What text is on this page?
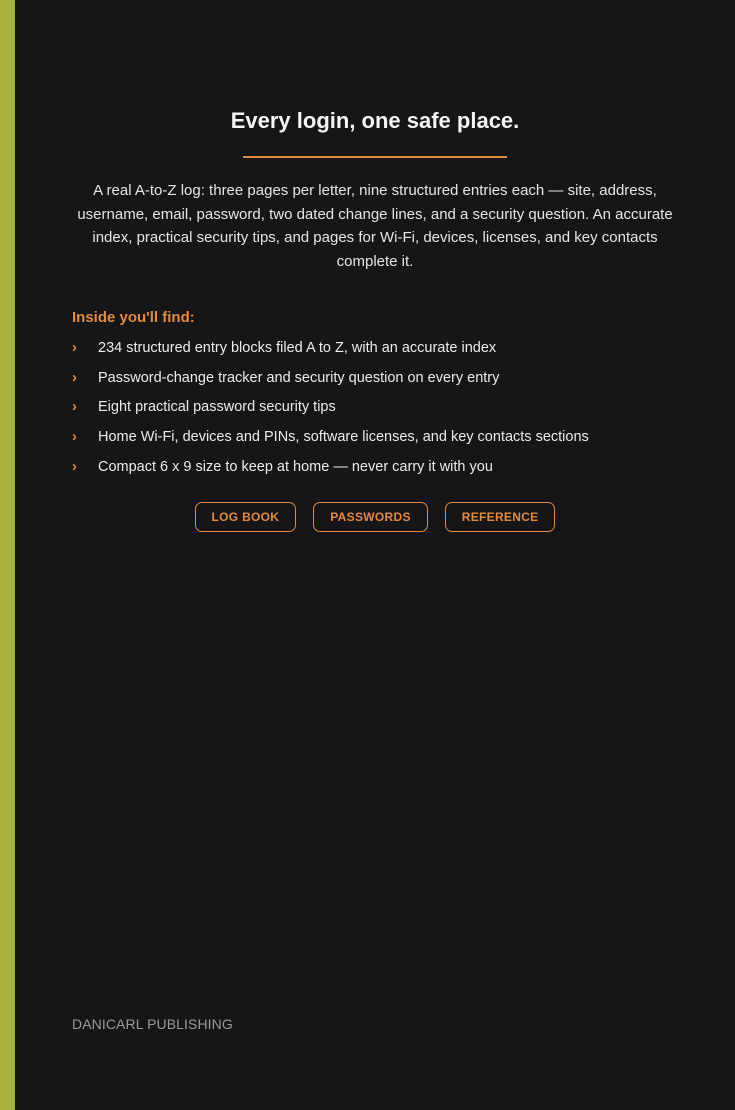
Every login, one safe place.

A real A-to-Z log: three pages per letter, nine structured entries each — site, address, username, email, password, two dated change lines, and a security question. An accurate index, practical security tips, and pages for Wi-Fi, devices, licenses, and key contacts complete it.

Inside you'll find:
› 234 structured entry blocks filed A to Z, with an accurate index
› Password-change tracker and security question on every entry
› Eight practical password security tips
› Home Wi-Fi, devices and PINs, software licenses, and key contacts sections
› Compact 6 x 9 size to keep at home — never carry it with you
LOG BOOK	PASSWORDS	REFERENCE
DANICARL PUBLISHING
